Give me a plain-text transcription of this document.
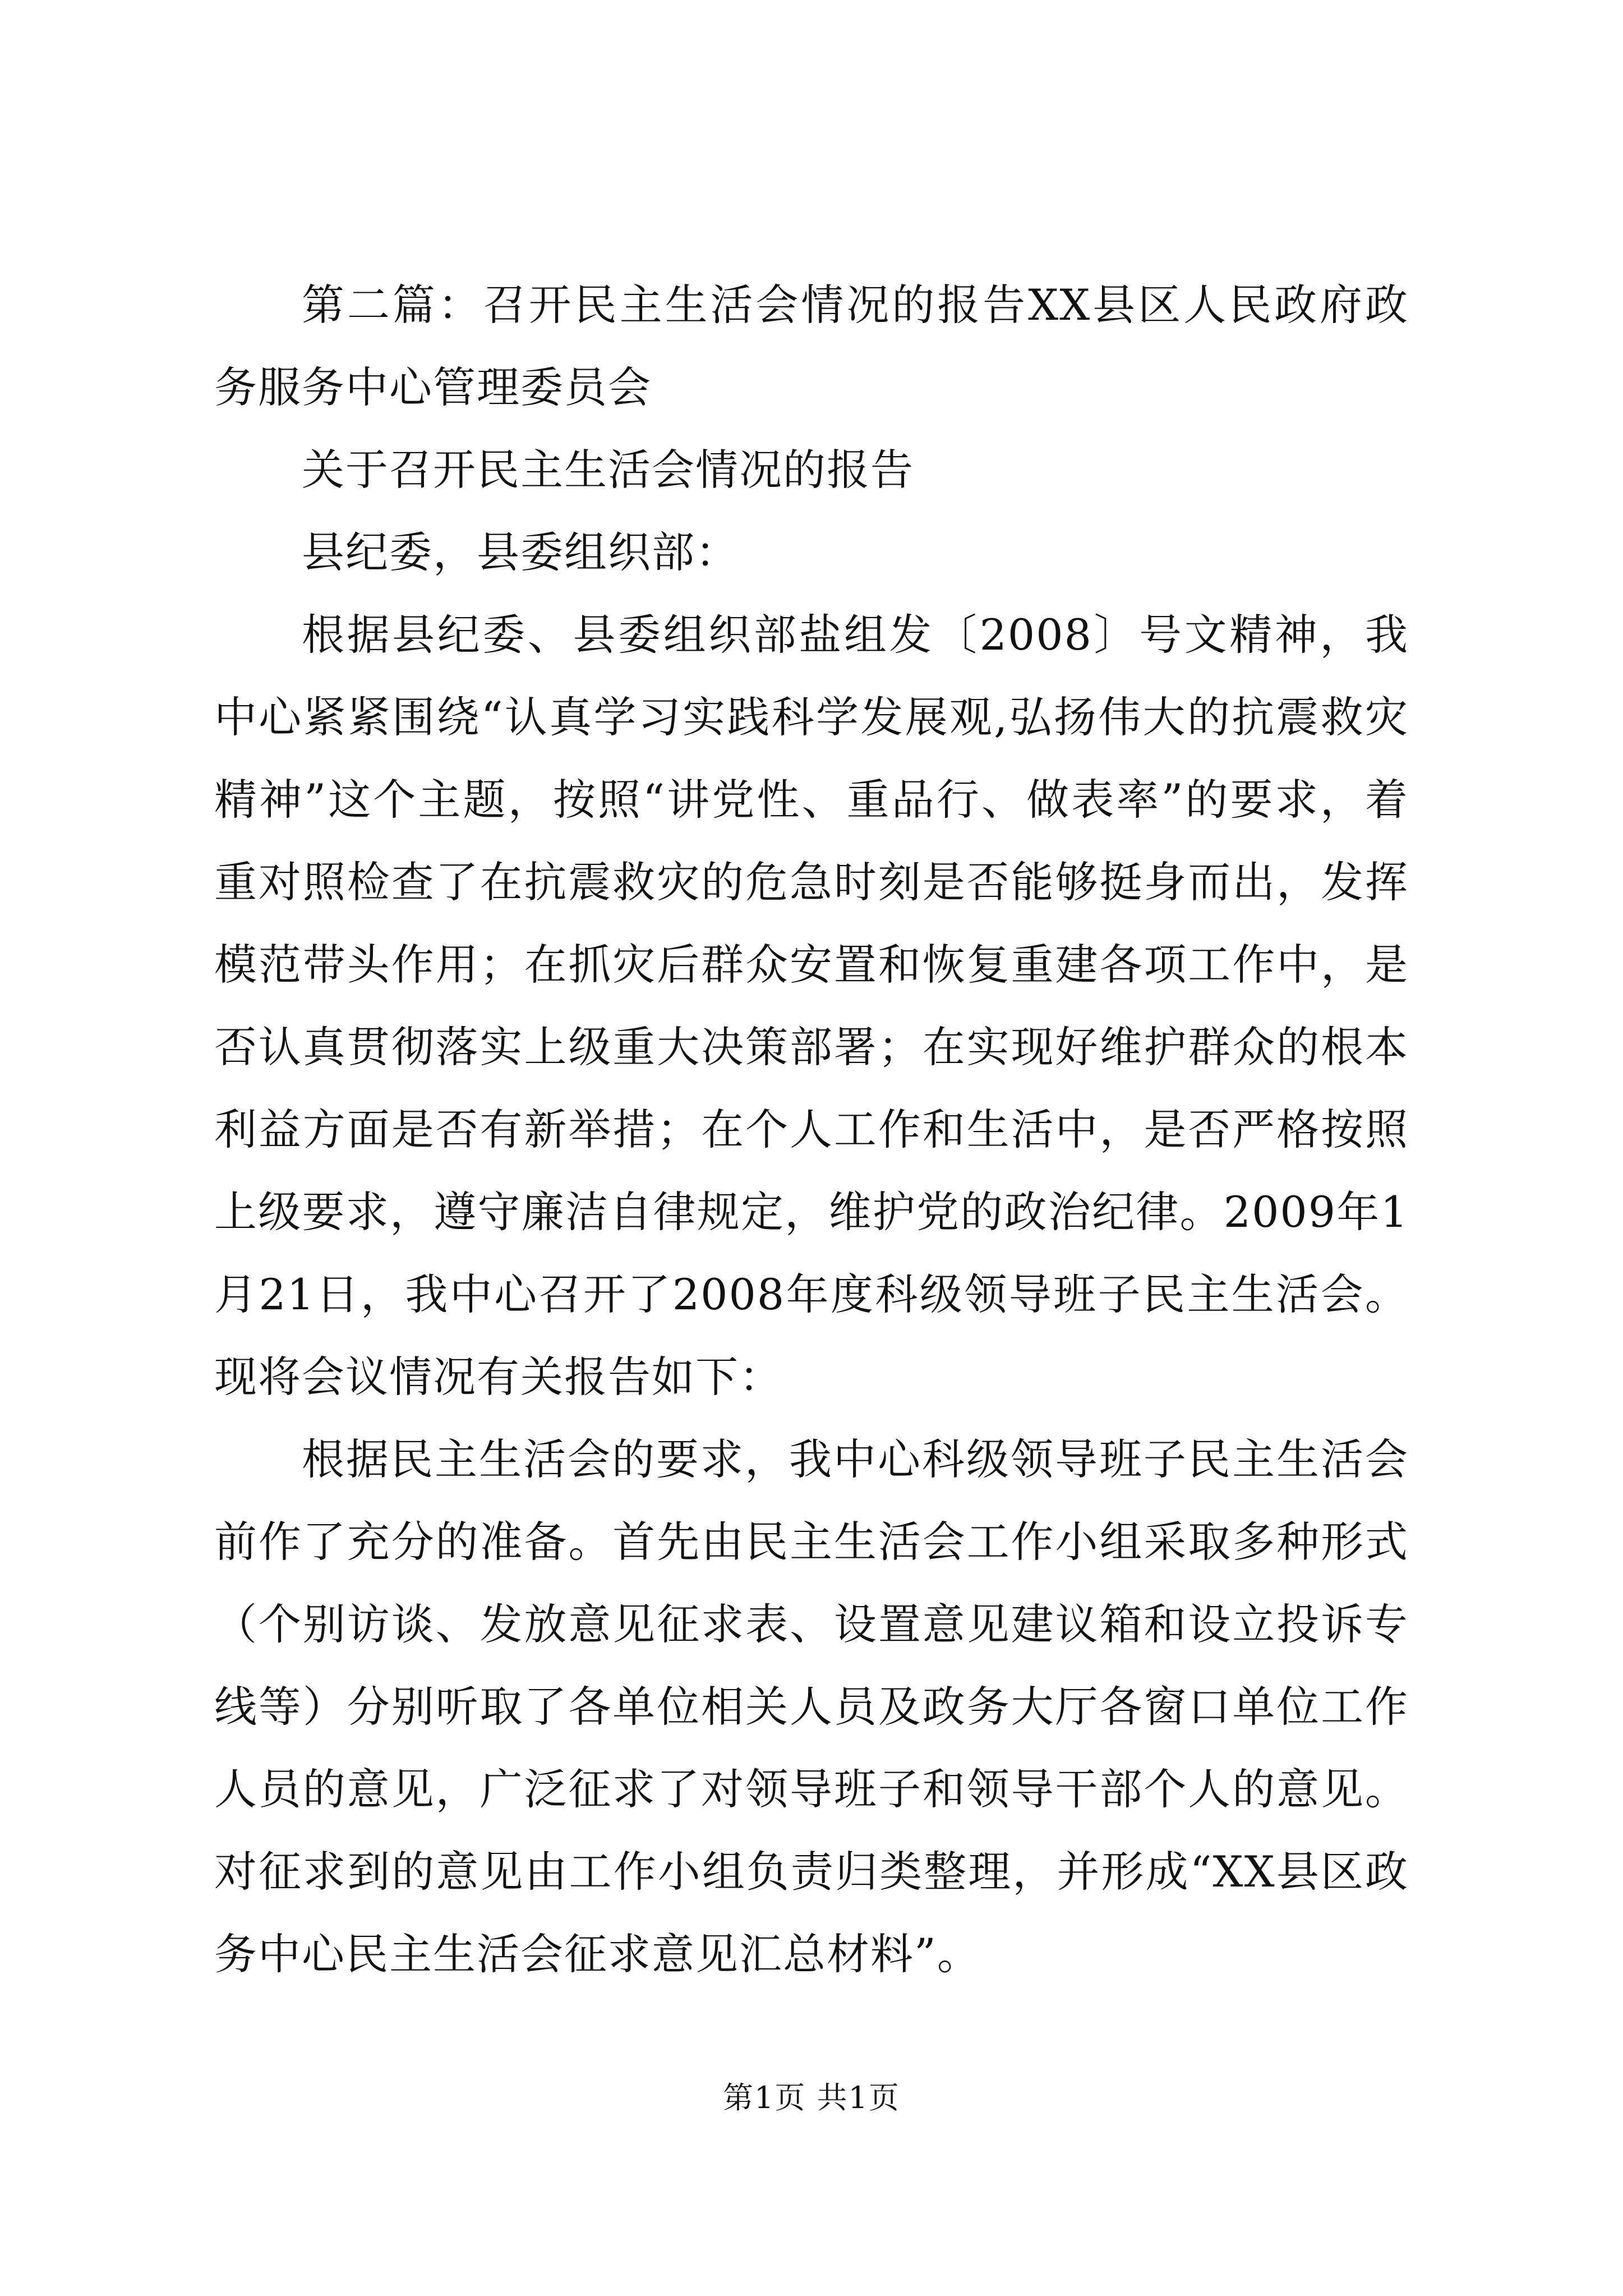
第二篇：召开民主生活会情况的报告XX县区人民政府政务服务中心管理委员会

关于召开民主生活会情况的报告

县纪委，县委组织部：

根据县纪委、县委组织部盐组发〔2008〕号文精神，我中心紧紧围绕“认真学习实践科学发展观,弘扬伟大的抗震救灾精神”这个主题，按照“讲党性、重品行、做表率”的要求，着重对照检查了在抗震救灾的危急时刻是否能够挺身而出，发挥模范带头作用；在抓灾后群众安置和恢复重建各项工作中，是否认真贯彻落实上级重大决策部署；在实现好维护群众的根本利益方面是否有新举措；在个人工作和生活中，是否严格按照上级要求，遵守廉洁自律规定，维护党的政治纪律。2009年1月21日，我中心召开了2008年度科级领导班子民主生活会。现将会议情况有关报告如下：

根据民主生活会的要求，我中心科级领导班子民主生活会前作了充分的准备。首先由民主生活会工作小组采取多种形式（个别访谈、发放意见征求表、设置意见建议箱和设立投诉专线等）分别听取了各单位相关人员及政务大厅各窗口单位工作人员的意见，广泛征求了对领导班子和领导干部个人的意见。对征求到的意见由工作小组负责归类整理，并形成“XX县区政务中心民主生活会征求意见汇总材料”。

第1页 共1页
